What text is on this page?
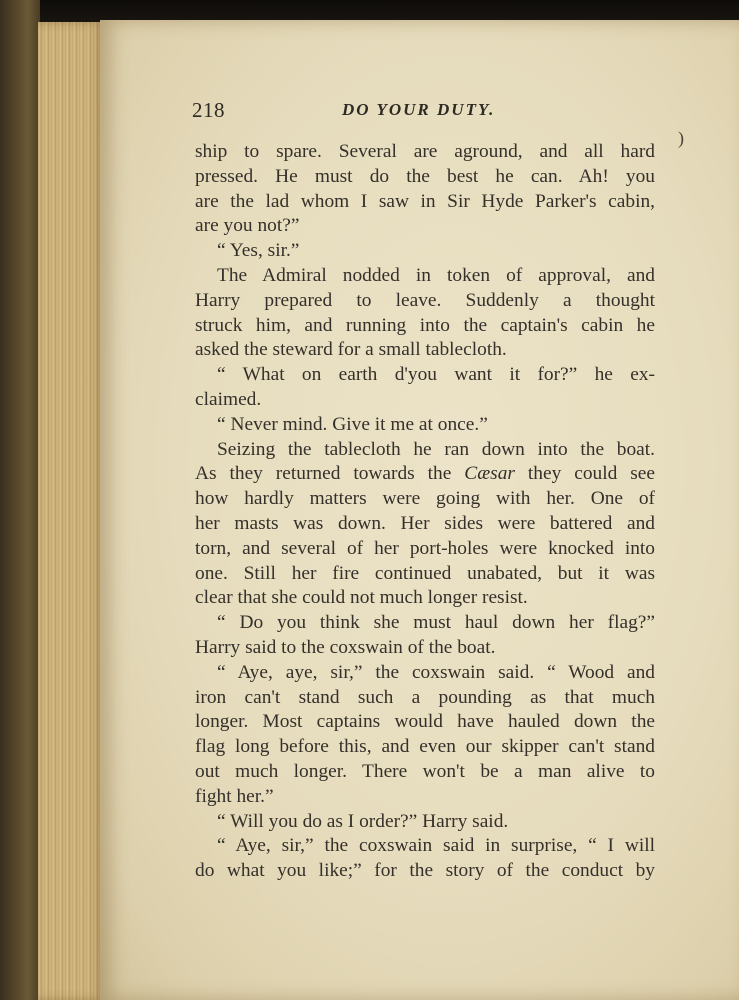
218	DO YOUR DUTY.
)
ship to spare. Several are aground, and all hard
pressed. He must do the best he can. Ah! you
are the lad whom I saw in Sir Hyde Parker's cabin,
are you not?”
“ Yes, sir.”
The Admiral nodded in token of approval, and
Harry prepared to leave. Suddenly a thought
struck him, and running into the captain's cabin he
asked the steward for a small tablecloth.
“ What on earth d'you want it for?” he ex-
claimed.
“ Never mind. Give it me at once.”
Seizing the tablecloth he ran down into the boat.
As they returned towards the Cæsar they could see
how hardly matters were going with her. One of
her masts was down. Her sides were battered and
torn, and several of her port-holes were knocked into
one. Still her fire continued unabated, but it was
clear that she could not much longer resist.
“ Do you think she must haul down her flag?”
Harry said to the coxswain of the boat.
“ Aye, aye, sir,” the coxswain said. “ Wood and
iron can't stand such a pounding as that much
longer. Most captains would have hauled down the
flag long before this, and even our skipper can't stand
out much longer. There won't be a man alive to
fight her.”
“ Will you do as I order?” Harry said.
“ Aye, sir,” the coxswain said in surprise, “ I will
do what you like;” for the story of the conduct by
